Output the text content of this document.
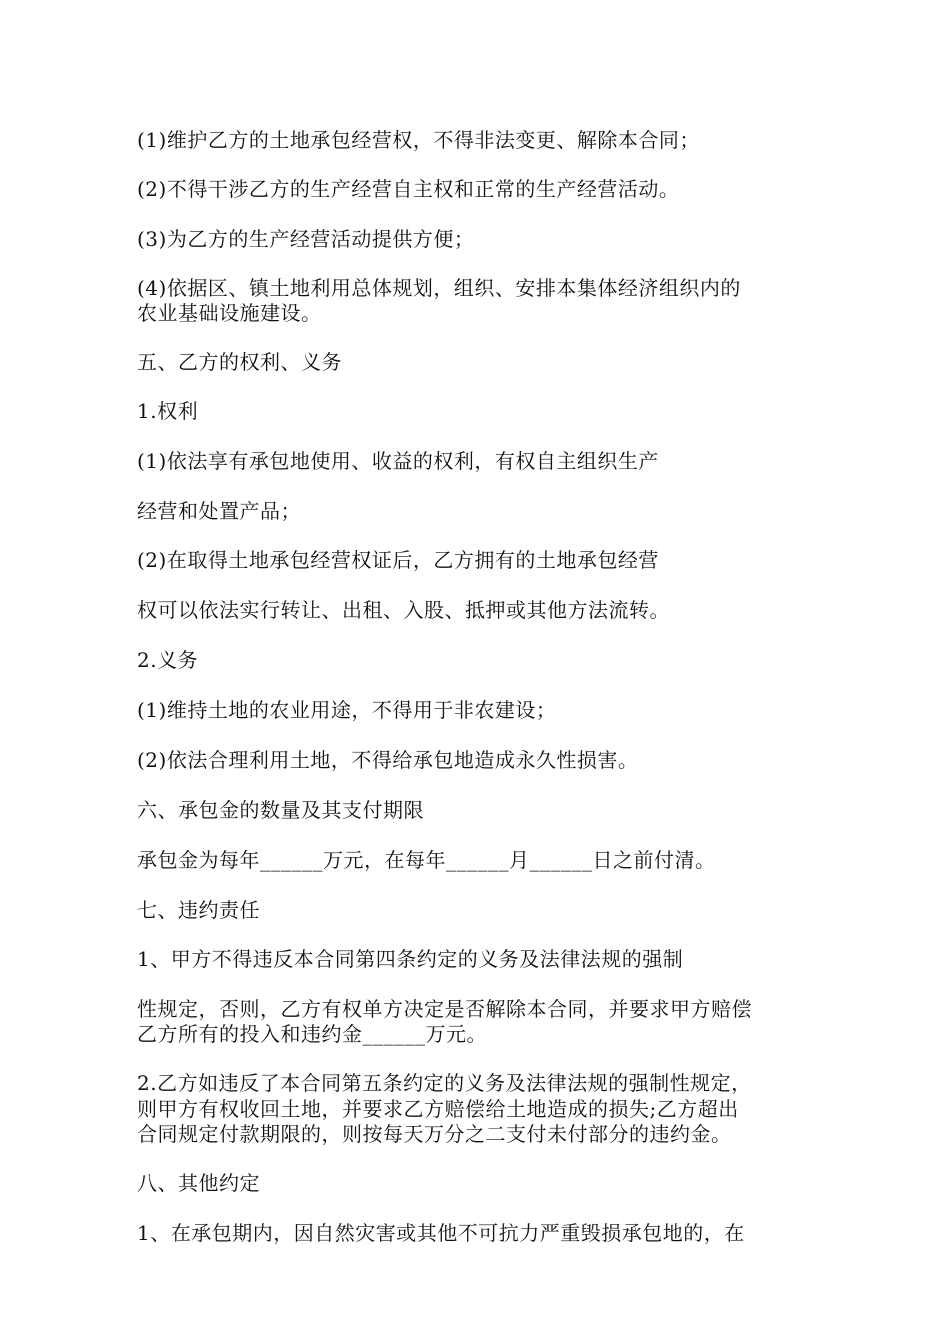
(1)维护乙方的土地承包经营权，不得非法变更、解除本合同；

(2)不得干涉乙方的生产经营自主权和正常的生产经营活动。

(3)为乙方的生产经营活动提供方便；

(4)依据区、镇土地利用总体规划，组织、安排本集体经济组织内的

农业基础设施建设。

五、乙方的权利、义务

1.权利

(1)依法享有承包地使用、收益的权利，有权自主组织生产

经营和处置产品；

(2)在取得土地承包经营权证后，乙方拥有的土地承包经营

权可以依法实行转让、出租、入股、抵押或其他方法流转。

2.义务

(1)维持土地的农业用途，不得用于非农建设；

(2)依法合理利用土地，不得给承包地造成永久性损害。

六、承包金的数量及其支付期限

承包金为每年______万元，在每年______月______日之前付清。

七、违约责任

1、甲方不得违反本合同第四条约定的义务及法律法规的强制

性规定，否则，乙方有权单方决定是否解除本合同，并要求甲方赔偿

乙方所有的投入和违约金______万元。

2.乙方如违反了本合同第五条约定的义务及法律法规的强制性规定，

则甲方有权收回土地，并要求乙方赔偿给土地造成的损失;乙方超出

合同规定付款期限的，则按每天万分之二支付未付部分的违约金。

八、其他约定

1、在承包期内，因自然灾害或其他不可抗力严重毁损承包地的，在
